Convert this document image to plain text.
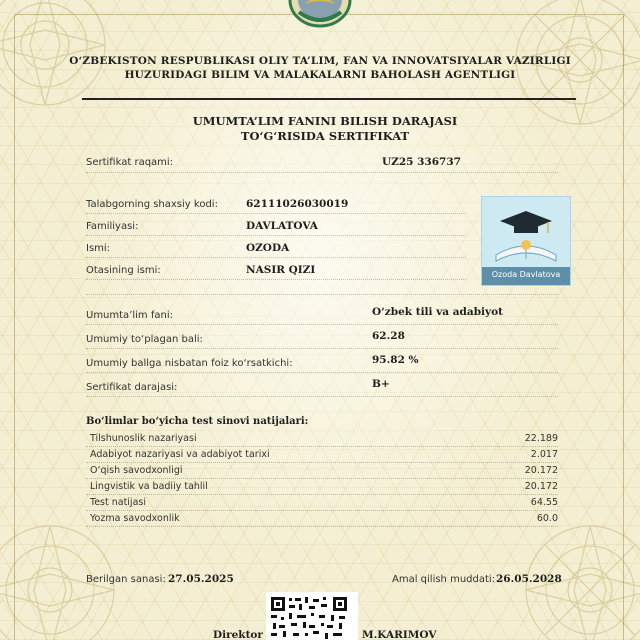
O‘ZBEKISTON RESPUBLIKASI OLIY TA’LIM, FAN VA INNOVATSIYALAR VAZIRLIGI
HUZURIDAGI BILIM VA MALAKALARNI BAHOLASH AGENTLIGI
UMUMTA’LIM FANINI BILISH DARAJASI
TO‘G‘RISIDA SERTIFIKAT
Sertifikat raqami:	UZ25 336737
Talabgorning shaxsiy kodi:	62111026030019
Familiyasi:	DAVLATOVA
Ismi:	OZODA
Otasining ismi:	NASIR QIZI	Ozoda Davlatova
Umumta’lim fani:	O‘zbek tili va adabiyot
Umumiy to‘plagan bali:	62.28
Umumiy ballga nisbatan foiz ko‘rsatkichi:	95.82 %
Sertifikat darajasi:	B+
Bo‘limlar bo‘yicha test sinovi natijalari:
Tilshunoslik nazariyasi	22.189
Adabiyot nazariyasi va adabiyot tarixi	2.017
O‘qish savodxonligi	20.172
Lingvistik va badiiy tahlil	20.172
Test natijasi	64.55
Yozma savodxonlik	60.0
Berilgan sanasi: 27.05.2025	Amal qilish muddati: 26.05.2028
Direktor	M.KARIMOV
